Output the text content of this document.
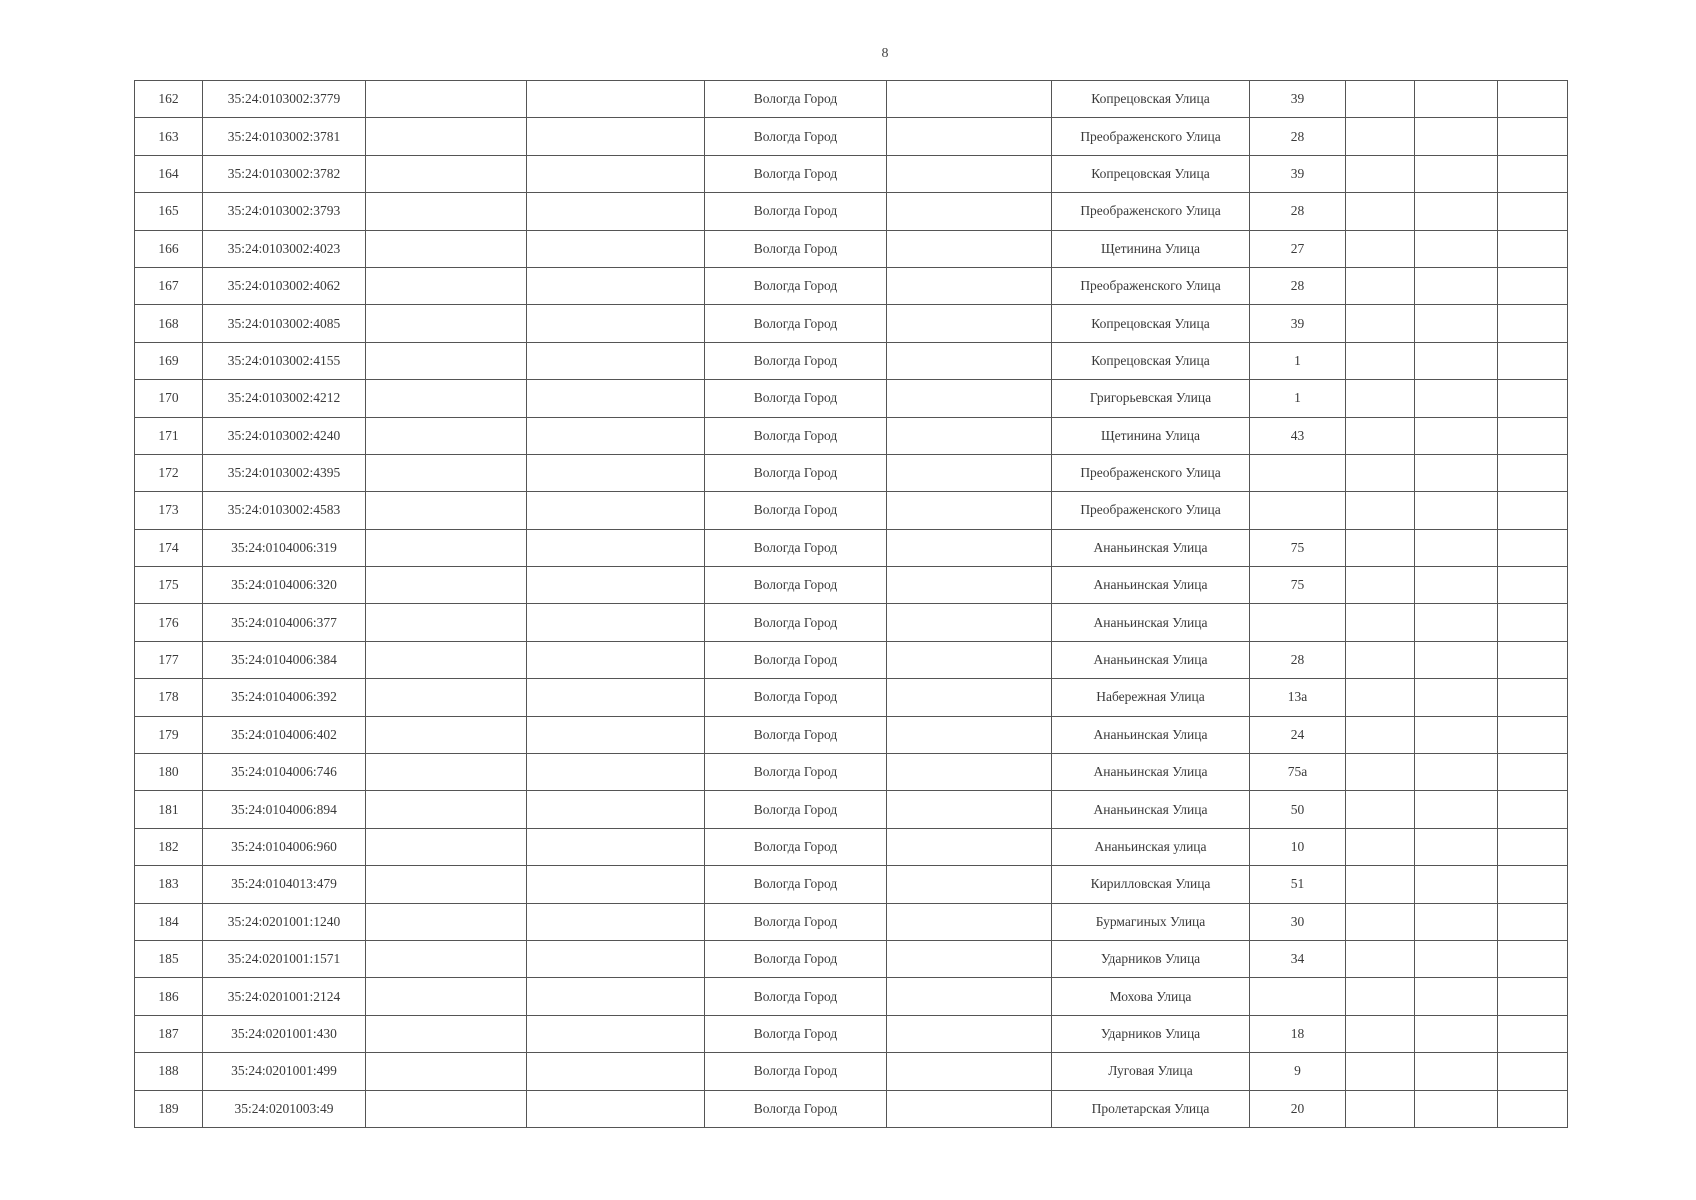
8
162	35:24:0103002:3779			Вологда Город		Копрецовская Улица	39			
163	35:24:0103002:3781			Вологда Город		Преображенского Улица	28			
164	35:24:0103002:3782			Вологда Город		Копрецовская Улица	39			
165	35:24:0103002:3793			Вологда Город		Преображенского Улица	28			
166	35:24:0103002:4023			Вологда Город		Щетинина Улица	27			
167	35:24:0103002:4062			Вологда Город		Преображенского Улица	28			
168	35:24:0103002:4085			Вологда Город		Копрецовская Улица	39			
169	35:24:0103002:4155			Вологда Город		Копрецовская Улица	1			
170	35:24:0103002:4212			Вологда Город		Григорьевская Улица	1			
171	35:24:0103002:4240			Вологда Город		Щетинина Улица	43			
172	35:24:0103002:4395			Вологда Город		Преображенского Улица				
173	35:24:0103002:4583			Вологда Город		Преображенского Улица				
174	35:24:0104006:319			Вологда Город		Ананьинская Улица	75			
175	35:24:0104006:320			Вологда Город		Ананьинская Улица	75			
176	35:24:0104006:377			Вологда Город		Ананьинская Улица				
177	35:24:0104006:384			Вологда Город		Ананьинская Улица	28			
178	35:24:0104006:392			Вологда Город		Набережная Улица	13а			
179	35:24:0104006:402			Вологда Город		Ананьинская Улица	24			
180	35:24:0104006:746			Вологда Город		Ананьинская Улица	75а			
181	35:24:0104006:894			Вологда Город		Ананьинская Улица	50			
182	35:24:0104006:960			Вологда Город		Ананьинская улица	10			
183	35:24:0104013:479			Вологда Город		Кирилловская Улица	51			
184	35:24:0201001:1240			Вологда Город		Бурмагиных Улица	30			
185	35:24:0201001:1571			Вологда Город		Ударников Улица	34			
186	35:24:0201001:2124			Вологда Город		Мохова Улица				
187	35:24:0201001:430			Вологда Город		Ударников Улица	18			
188	35:24:0201001:499			Вологда Город		Луговая Улица	9			
189	35:24:0201003:49			Вологда Город		Пролетарская Улица	20			
